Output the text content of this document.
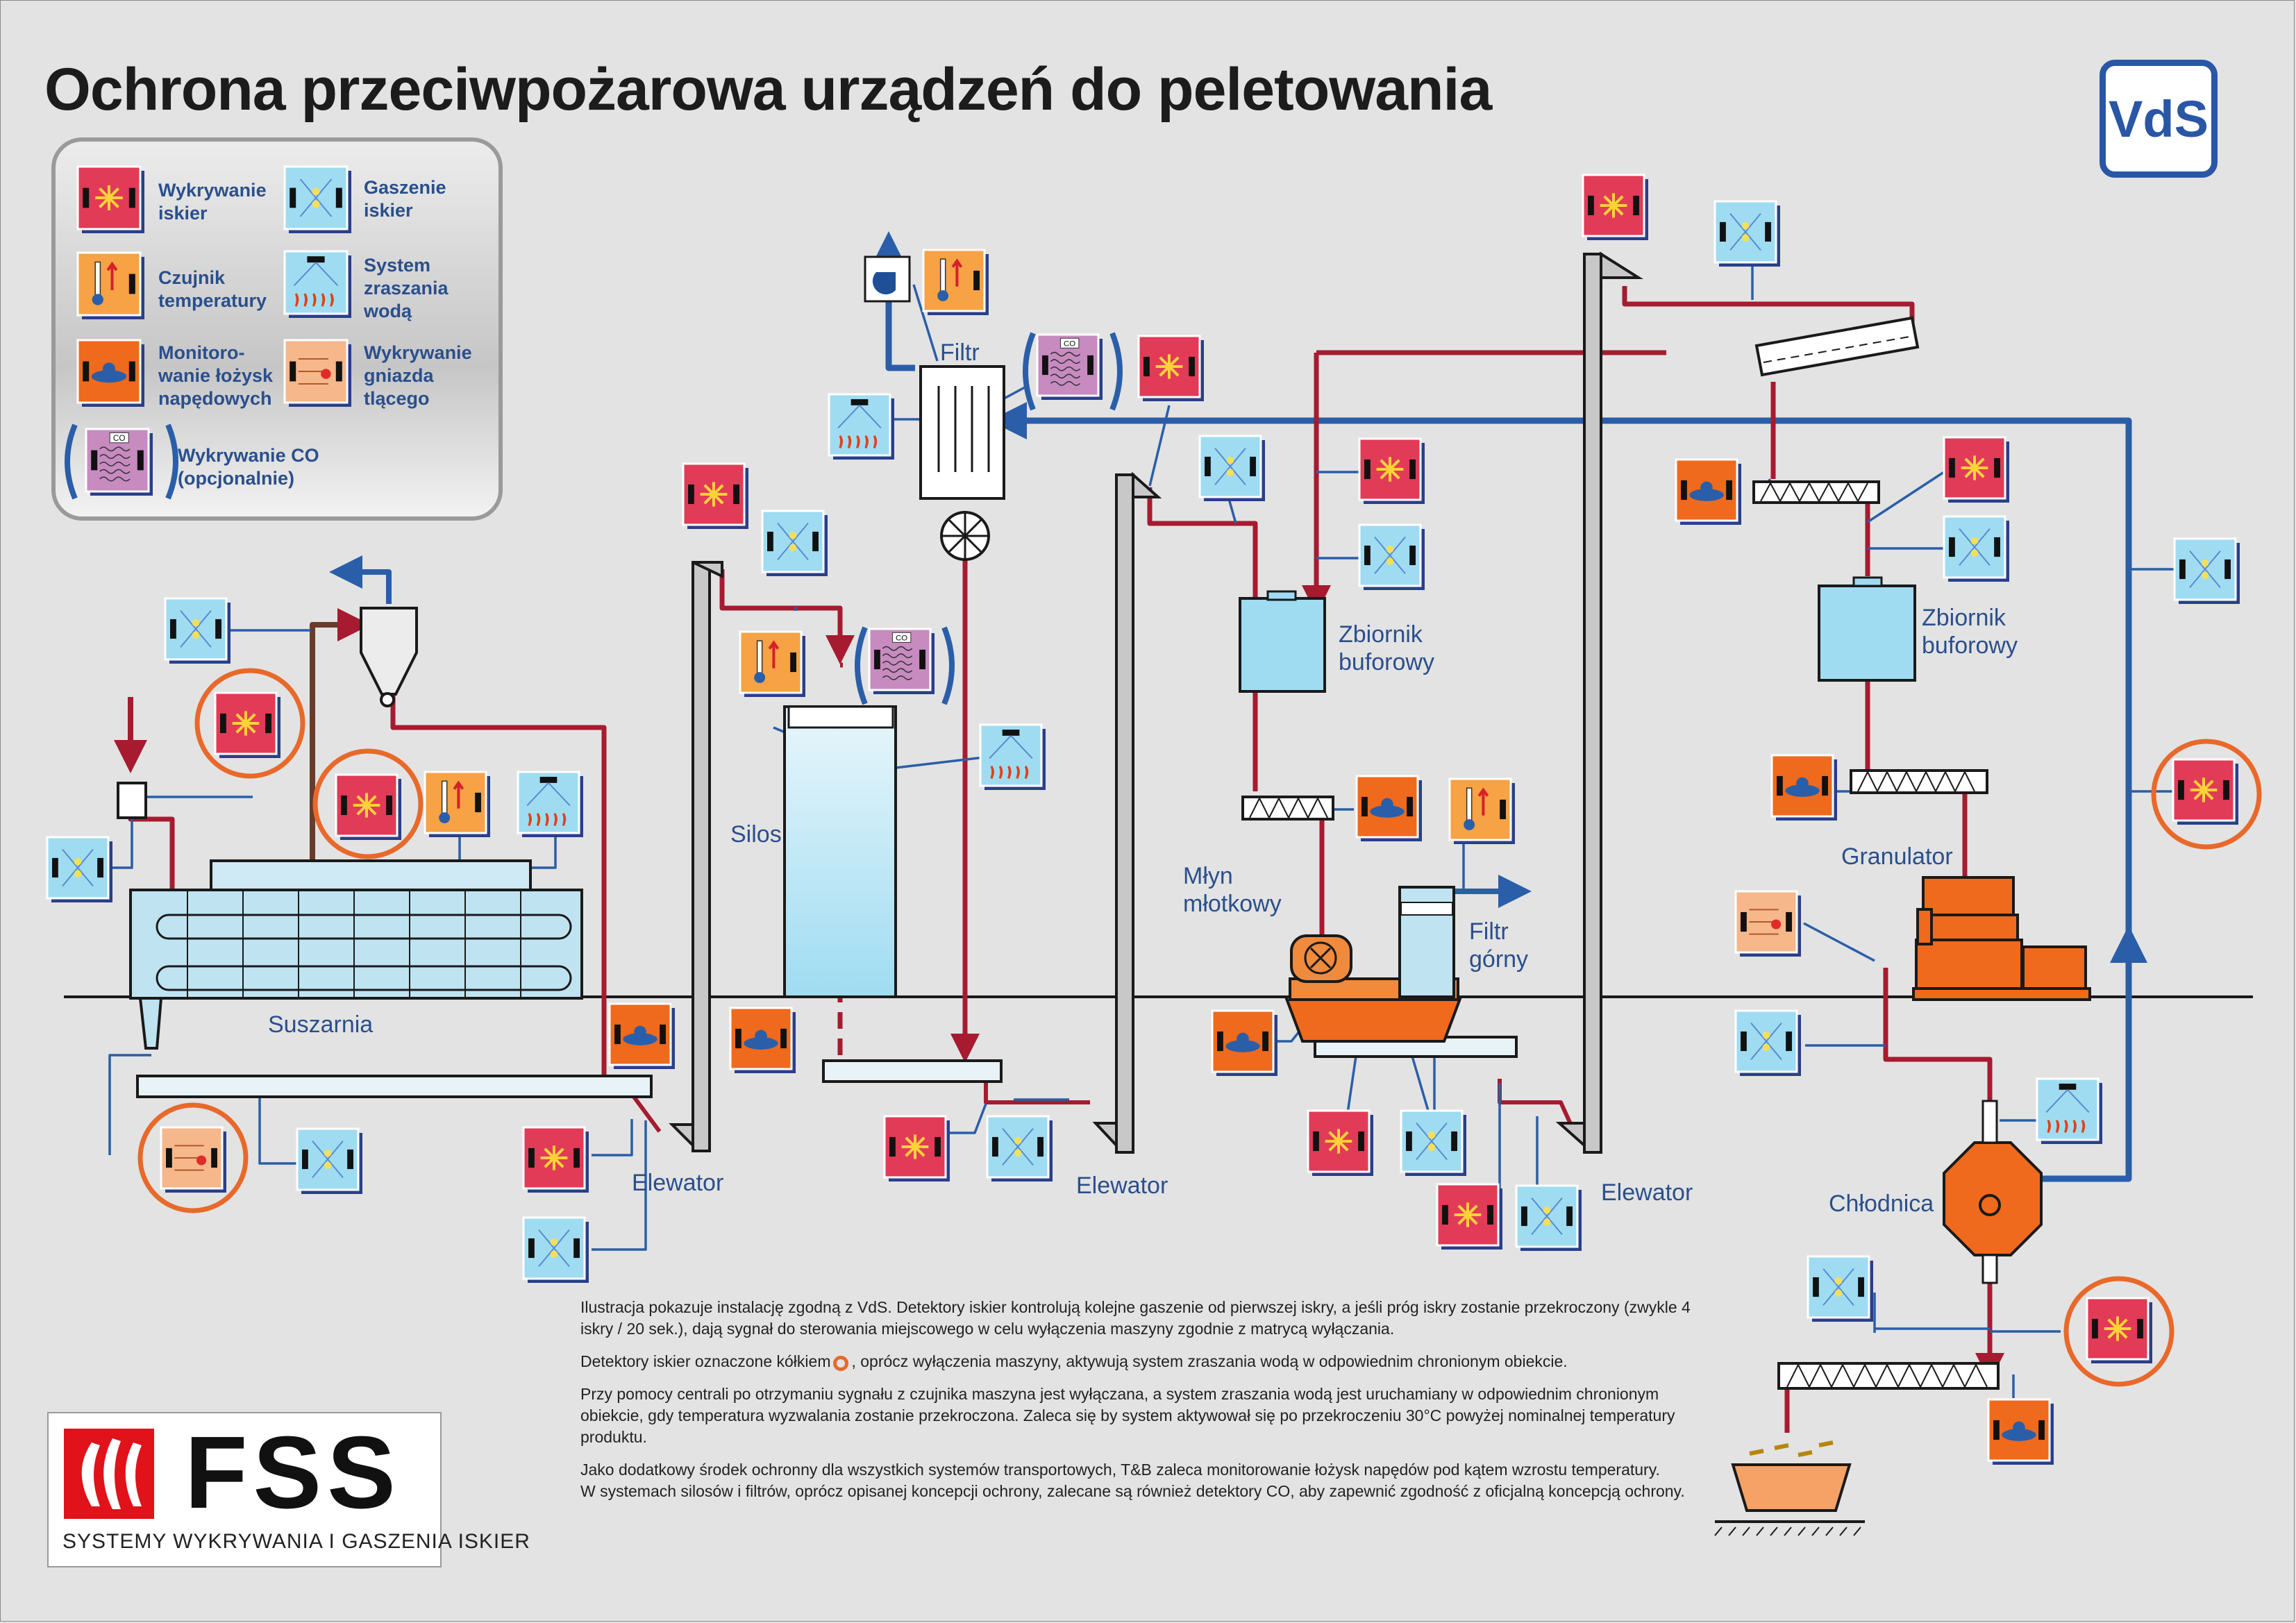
Ochrona przeciwpożarowa urządzeń do peletowania	VdS
Wykrywanie
iskier
Gaszenie
iskier
Czujnik
temperatury
System
zraszania
wodą
Monitoro-
wanie łożysk
napędowych
Wykrywanie
gniazda
tlącego
Wykrywanie CO
(opcjonalnie)
CO
CO
CO
Filtr
Silos
Suszarnia
Elewator	Elewator	Elewator
Zbiornik
buforowy
Zbiornik
buforowy
Młyn
młotkowy
Filtr
górny
Granulator
Chłodnica

Ilustracja pokazuje instalację zgodną z VdS. Detektory iskier kontrolują kolejne gaszenie od pierwszej iskry, a jeśli próg iskry zostanie przekroczony (zwykle 4 iskry / 20 sek.), dają sygnał do sterowania miejscowego w celu wyłączenia maszyny zgodnie z matrycą wyłączania.

Detektory iskier oznaczone kółkiem , oprócz wyłączenia maszyny, aktywują system zraszania wodą w odpowiednim chronionym obiekcie.

Przy pomocy centrali po otrzymaniu sygnału z czujnika maszyna jest wyłączana, a system zraszania wodą jest uruchamiany w odpowiednim chronionym obiekcie, gdy temperatura wyzwalania zostanie przekroczona. Zaleca się by system aktywował się po przekroczeniu 30°C powyżej nominalnej temperatury produktu.

Jako dodatkowy środek ochronny dla wszystkich systemów transportowych, T&B zaleca monitorowanie łożysk napędów pod kątem wzrostu temperatury.

W systemach silosów i filtrów, oprócz opisanej koncepcji ochrony, zalecane są również detektory CO, aby zapewnić zgodność z oficjalną koncepcją ochrony.

FSS
SYSTEMY WYKRYWANIA I GASZENIA ISKIER
